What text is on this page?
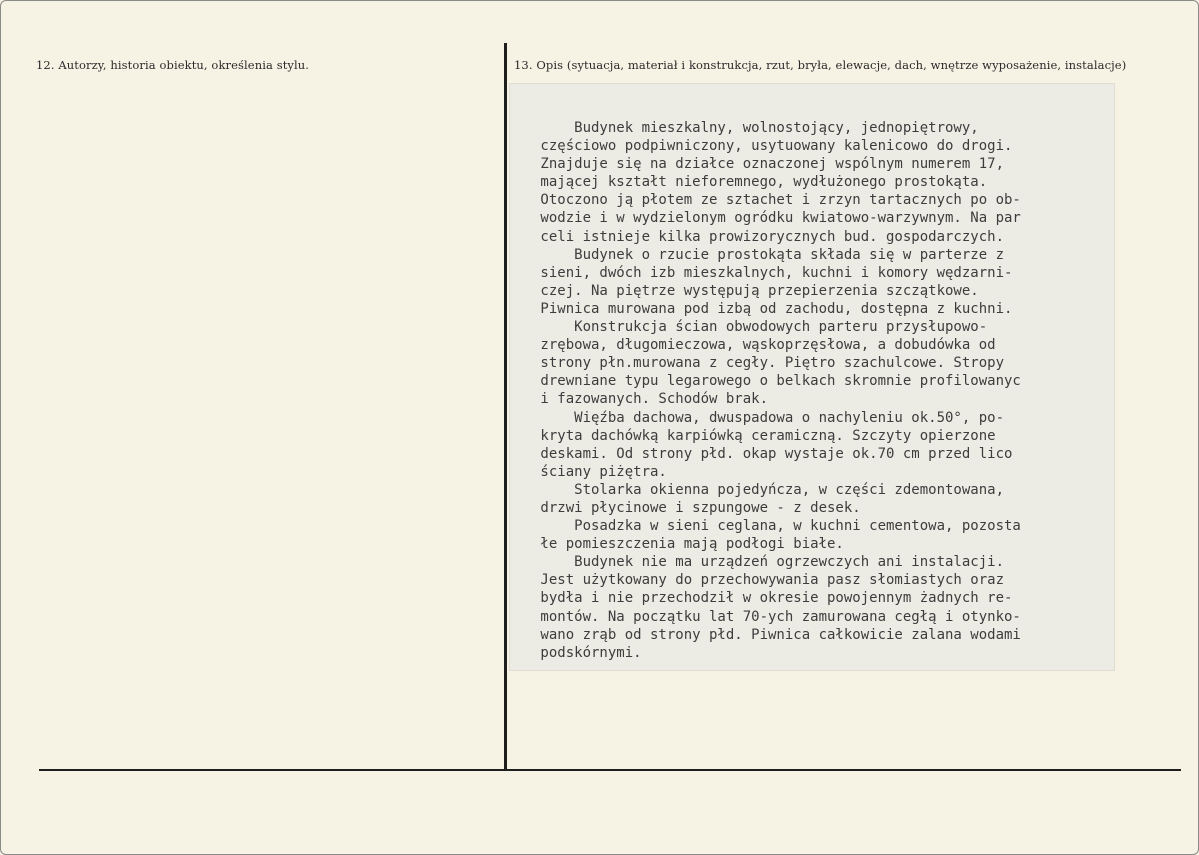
12. Autorzy, historia obiektu, określenia stylu.	13. Opis (sytuacja, materiał i konstrukcja, rzut, bryła, elewacje, dach, wnętrze wyposażenie, instalacje)
Budynek mieszkalny, wolnostojący, jednopiętrowy,
częściowo podpiwniczony, usytuowany kalenicowo do drogi.
Znajduje się na działce oznaczonej wspólnym numerem 17,
mającej kształt nieforemnego, wydłużonego prostokąta.
Otoczono ją płotem ze sztachet i zrzyn tartacznych po ob-
wodzie i w wydzielonym ogródku kwiatowo-warzywnym. Na par
celi istnieje kilka prowizorycznych bud. gospodarczych.
Budynek o rzucie prostokąta składa się w parterze z
sieni, dwóch izb mieszkalnych, kuchni i komory wędzarni-
czej. Na piętrze występują przepierzenia szczątkowe.
Piwnica murowana pod izbą od zachodu, dostępna z kuchni.
Konstrukcja ścian obwodowych parteru przysłupowo-
zrębowa, długomieczowa, wąskoprzęsłowa, a dobudówka od
strony płn.murowana z cegły. Piętro szachulcowe. Stropy
drewniane typu legarowego o belkach skromnie profilowanyc
i fazowanych. Schodów brak.
Więźba dachowa, dwuspadowa o nachyleniu ok.50°, po-
kryta dachówką karpiówką ceramiczną. Szczyty opierzone
deskami. Od strony płd. okap wystaje ok.70 cm przed lico
ściany piżętra.
Stolarka okienna pojedyńcza, w części zdemontowana,
drzwi płycinowe i szpungowe - z desek.
Posadzka w sieni ceglana, w kuchni cementowa, pozosta
łe pomieszczenia mają podłogi białe.
Budynek nie ma urządzeń ogrzewczych ani instalacji.
Jest użytkowany do przechowywania pasz słomiastych oraz
bydła i nie przechodził w okresie powojennym żadnych re-
montów. Na początku lat 70-ych zamurowana cegłą i otynko-
wano zrąb od strony płd. Piwnica całkowicie zalana wodami
podskórnymi.
